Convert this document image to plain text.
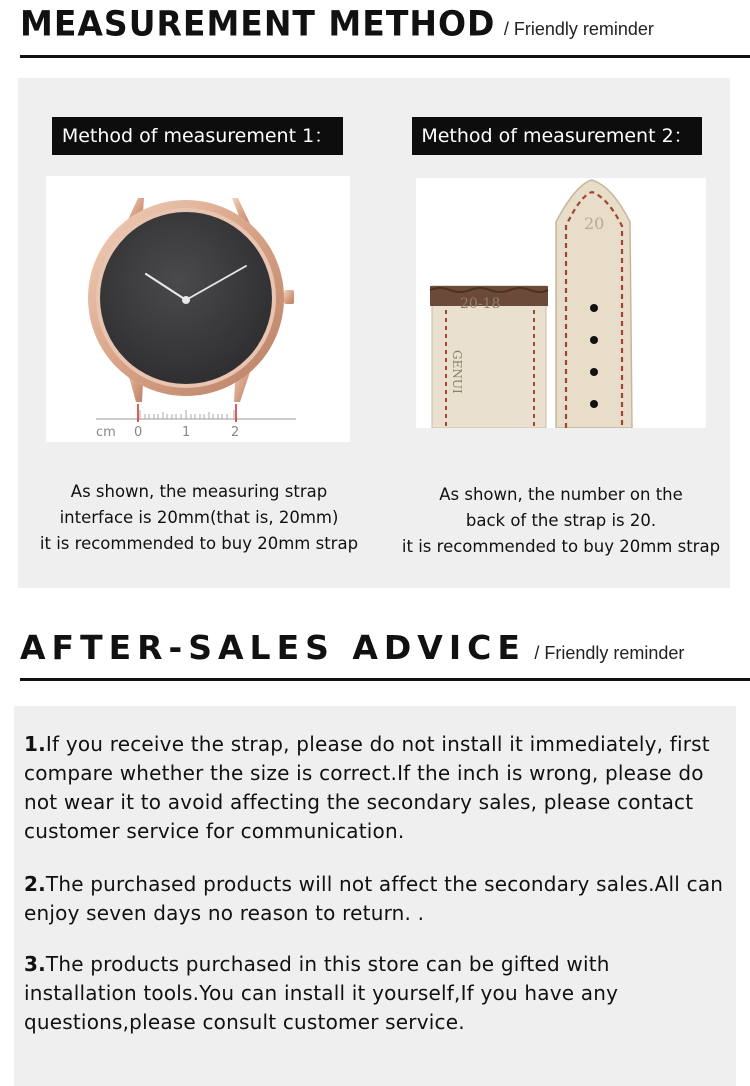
MEASUREMENT METHOD / Friendly reminder
Method of measurement 1：
cm 0	1	2
As shown, the measuring strap
interface is 20mm(that is, 20mm)
it is recommended to buy 20mm strap
Method of measurement 2：
20
20-18
GENUI
As shown, the number on the
back of the strap is 20.
it is recommended to buy 20mm strap
AFTER-SALES ADVICE / Friendly reminder
1.If you receive the strap, please do not install it immediately, first compare whether the size is correct.If the inch is wrong, please do not wear it to avoid affecting the secondary sales, please contact customer service for communication.
2.The purchased products will not affect the secondary sales.All can enjoy seven days no reason to return. .
3.The products purchased in this store can be gifted with installation tools.You can install it yourself,If you have any questions,please consult customer service.
